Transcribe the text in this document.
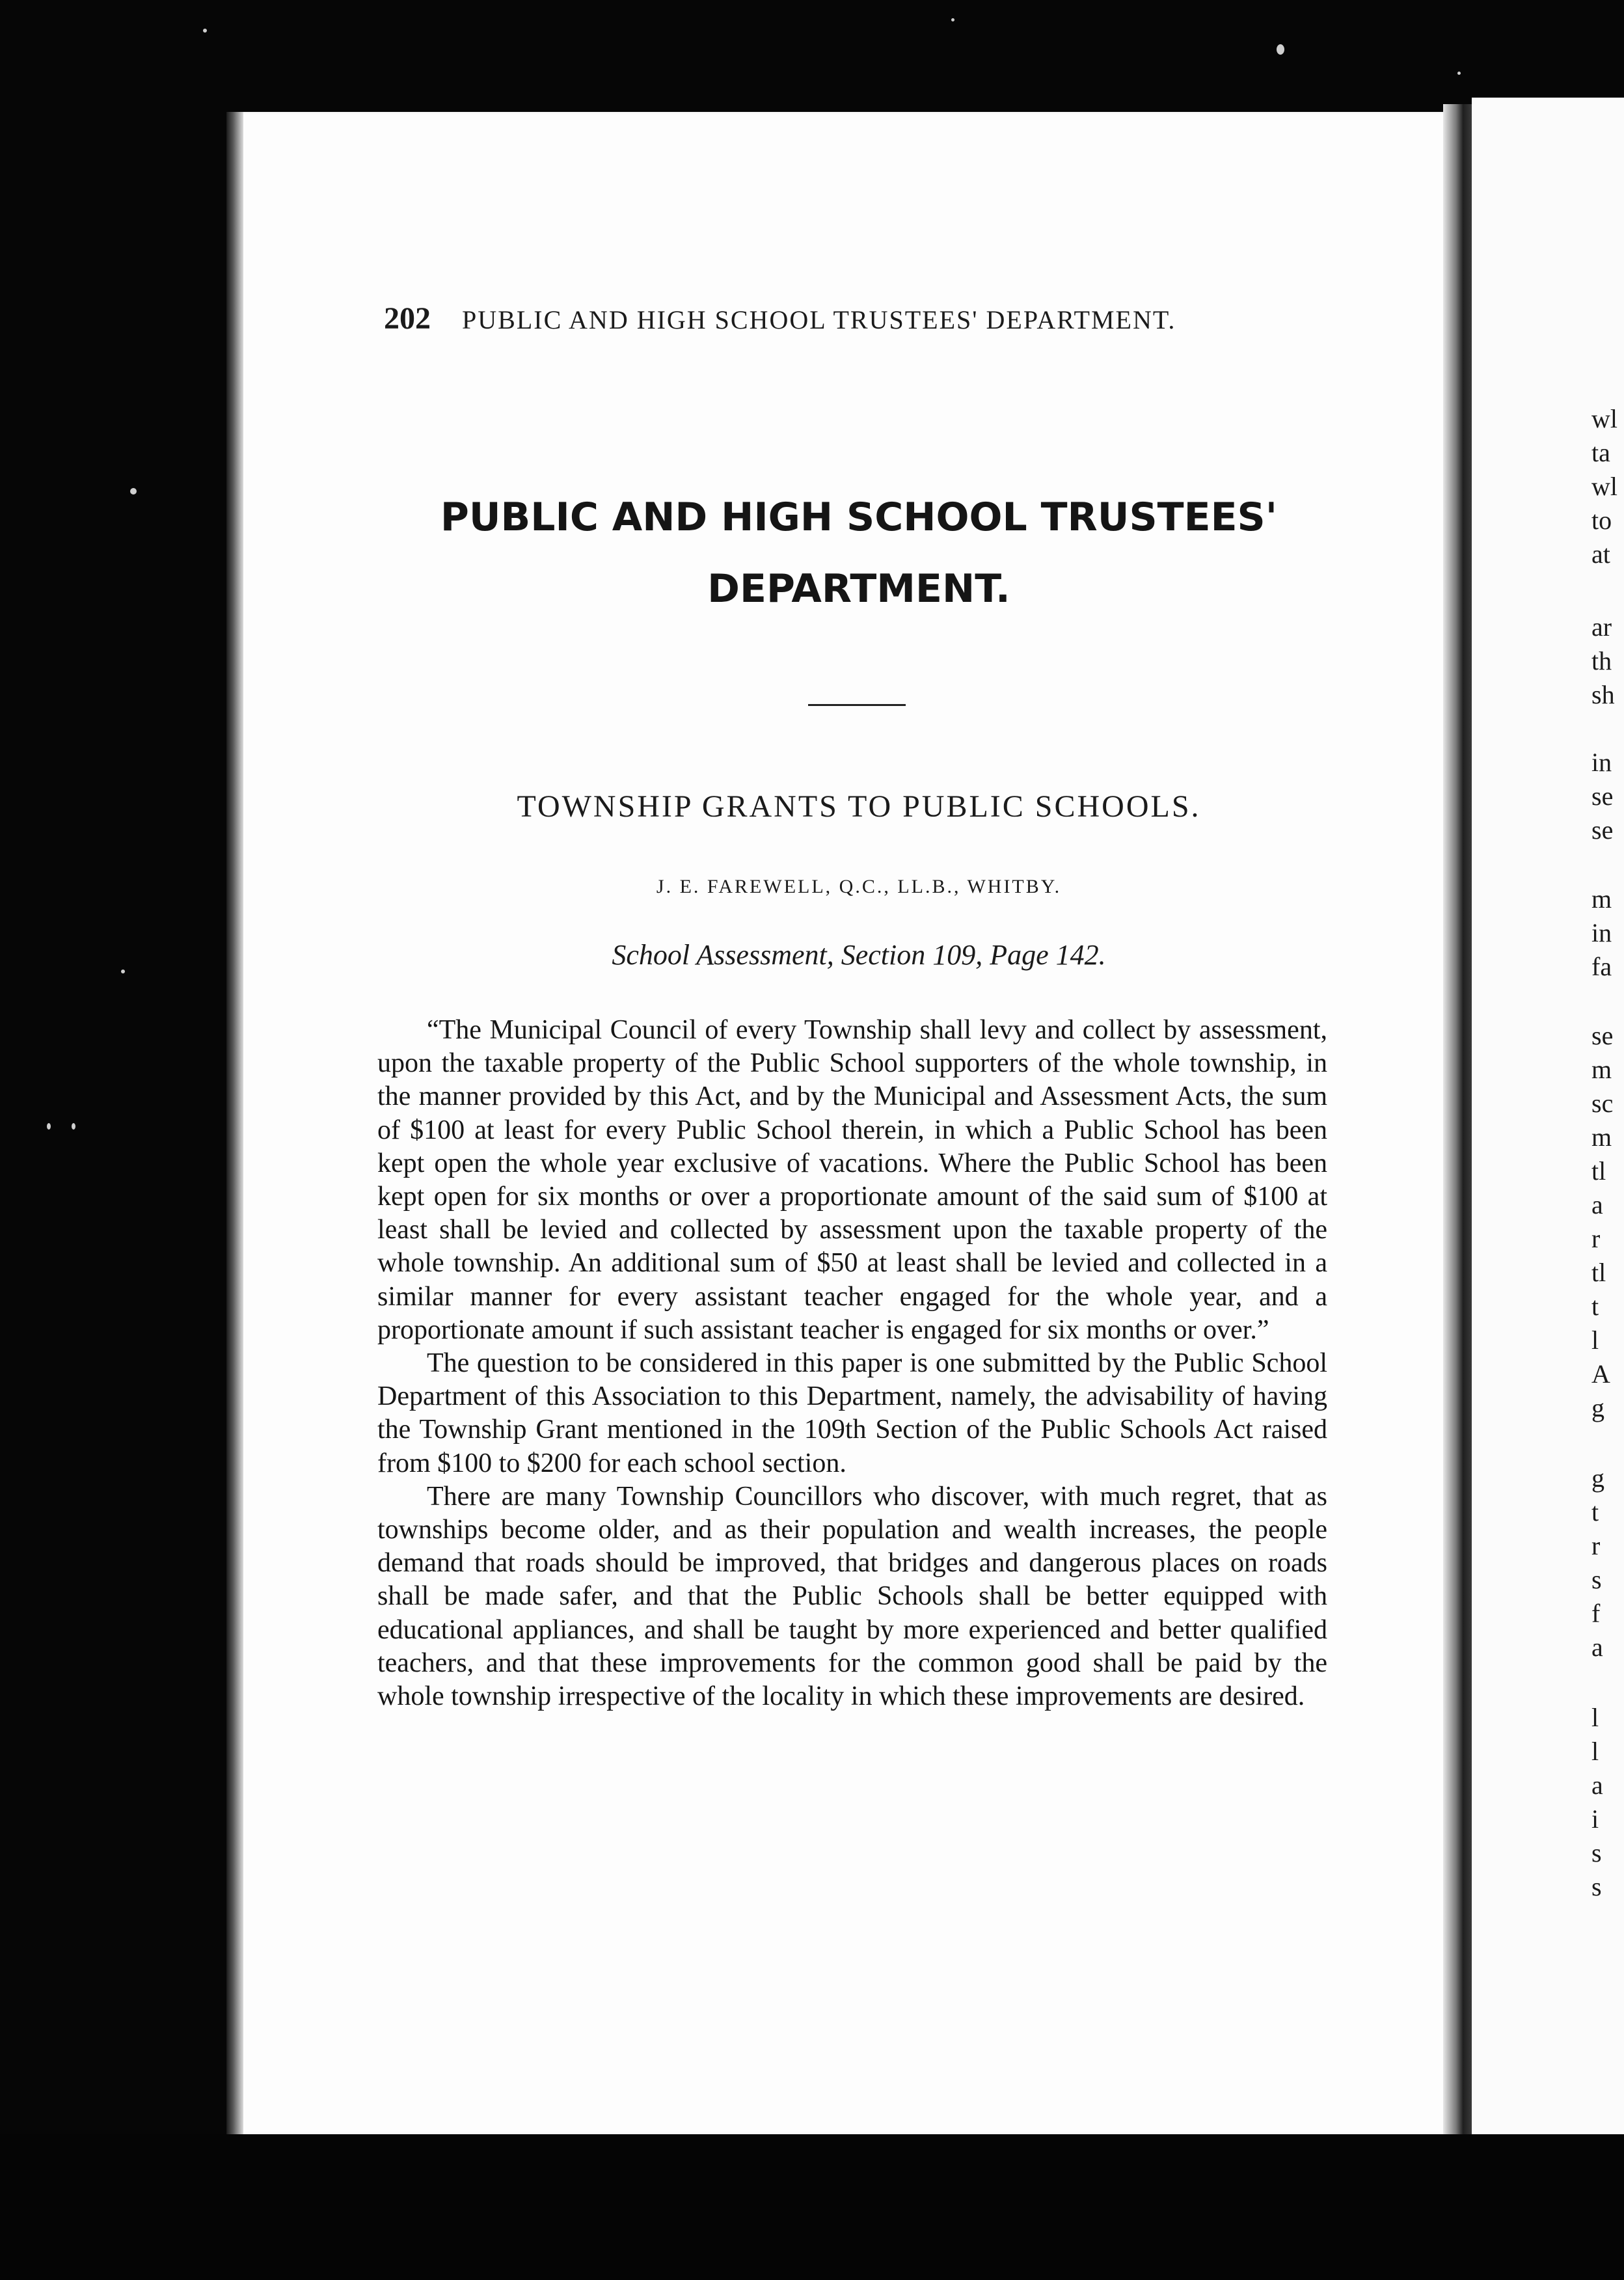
202 PUBLIC AND HIGH SCHOOL TRUSTEES' DEPARTMENT.
PUBLIC AND HIGH SCHOOL TRUSTEES'
DEPARTMENT.
TOWNSHIP GRANTS TO PUBLIC SCHOOLS.
J. E. FAREWELL, Q.C., LL.B., WHITBY.
School Assessment, Section 109, Page 142.

“The Municipal Council of every Township shall levy and collect by assessment, upon the taxable property of the Public School supporters of the whole township, in the manner provided by this Act, and by the Municipal and Assessment Acts, the sum of $100 at least for every Public School therein, in which a Public School has been kept open the whole year exclusive of vacations. Where the Public School has been kept open for six months or over a proportionate amount of the said sum of $100 at least shall be levied and collected by assessment upon the taxable property of the whole township. An additional sum of $50 at least shall be levied and collected in a similar manner for every assistant teacher engaged for the whole year, and a proportionate amount if such assistant teacher is engaged for six months or over.”

The question to be considered in this paper is one submitted by the Public School Department of this Association to this Department, namely, the advisability of having the Township Grant mentioned in the 109th Section of the Public Schools Act raised from $100 to $200 for each school section.

There are many Township Councillors who discover, with much regret, that as townships become older, and as their population and wealth increases, the people demand that roads should be improved, that bridges and dangerous places on roads shall be made safer, and that the Public Schools shall be better equipped with educational appliances, and shall be taught by more experienced and better qualified teachers, and that these improvements for the common good shall be paid by the whole township irrespective of the locality in which these improvements are desired.

wl
ta
wl
to
at
ar
th
sh
in
se
se
m
in
fa
se
m
sc
m
tl
a
r
tl
t
l
A
g
g
t
r
s
f
a
l
l
a
i
s
s
